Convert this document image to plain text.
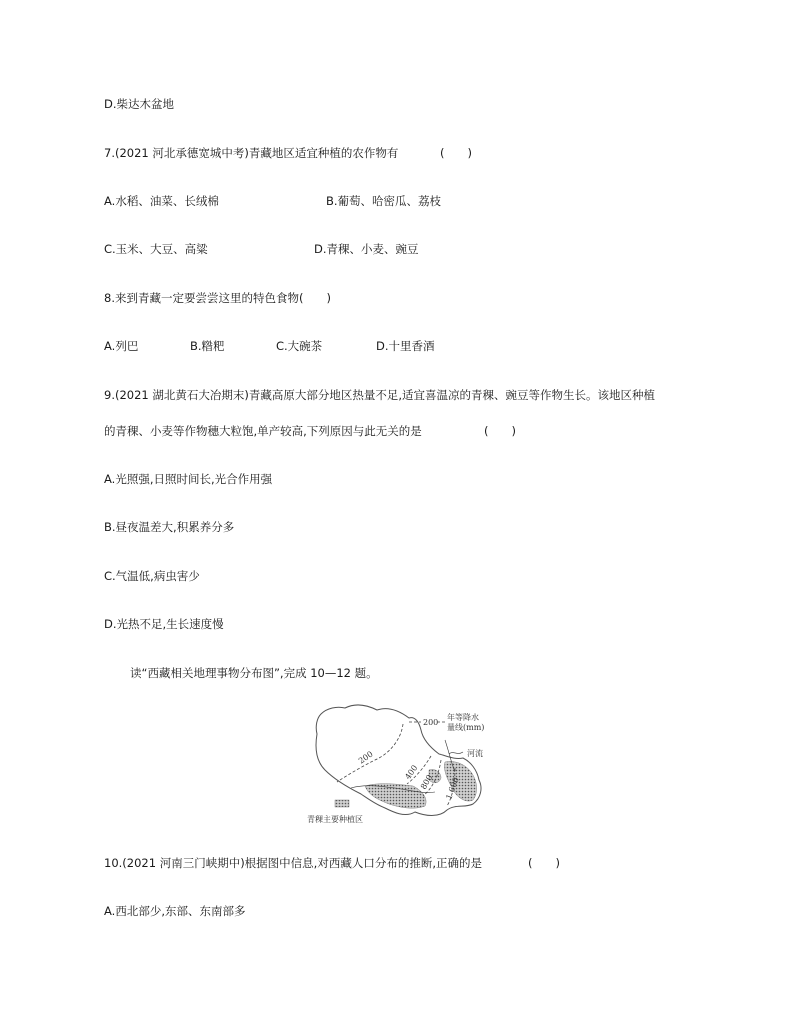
D.柴达木盆地
7.(2021 河北承德宽城中考)青藏地区适宜种植的农作物有	(　　)
A.水稻、油菜、长绒棉	B.葡萄、哈密瓜、荔枝
C.玉米、大豆、高粱	D.青稞、小麦、豌豆
8.来到青藏一定要尝尝这里的特色食物(　　)
A.列巴	B.糌粑	C.大碗茶	D.十里香酒
9.(2021 湖北黄石大冶期末)青藏高原大部分地区热量不足,适宜喜温凉的青稞、豌豆等作物生长。该地区种植
的青稞、小麦等作物穗大粒饱,单产较高,下列原因与此无关的是	(　　)
A.光照强,日照时间长,光合作用强
B.昼夜温差大,积累养分多
C.气温低,病虫害少
D.光热不足,生长速度慢
读“西藏相关地理事物分布图”,完成 10—12 题。
200
400
800 1 600
200
年等降水
量线(mm)
河流
青稞主要种植区
10.(2021 河南三门峡期中)根据图中信息,对西藏人口分布的推断,正确的是	(　　)
A.西北部少,东部、东南部多
